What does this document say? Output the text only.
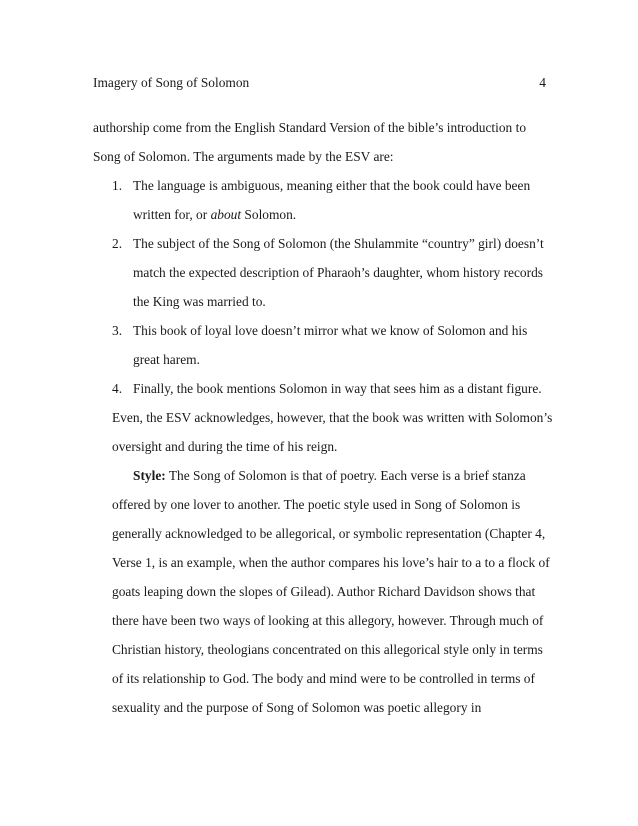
Imagery of Song of Solomon	4
authorship come from the English Standard Version of the bible’s introduction to
Song of Solomon. The arguments made by the ESV are:
1. The language is ambiguous, meaning either that the book could have been
written for, or about Solomon.
2. The subject of the Song of Solomon (the Shulammite “country” girl) doesn’t
match the expected description of Pharaoh’s daughter, whom history records
the King was married to.
3. This book of loyal love doesn’t mirror what we know of Solomon and his
great harem.
4. Finally, the book mentions Solomon in way that sees him as a distant figure.
Even, the ESV acknowledges, however, that the book was written with Solomon’s
oversight and during the time of his reign.
Style: The Song of Solomon is that of poetry. Each verse is a brief stanza
offered by one lover to another. The poetic style used in Song of Solomon is
generally acknowledged to be allegorical, or symbolic representation (Chapter 4,
Verse 1, is an example, when the author compares his love’s hair to a to a flock of
goats leaping down the slopes of Gilead). Author Richard Davidson shows that
there have been two ways of looking at this allegory, however. Through much of
Christian history, theologians concentrated on this allegorical style only in terms
of its relationship to God. The body and mind were to be controlled in terms of
sexuality and the purpose of Song of Solomon was poetic allegory in
